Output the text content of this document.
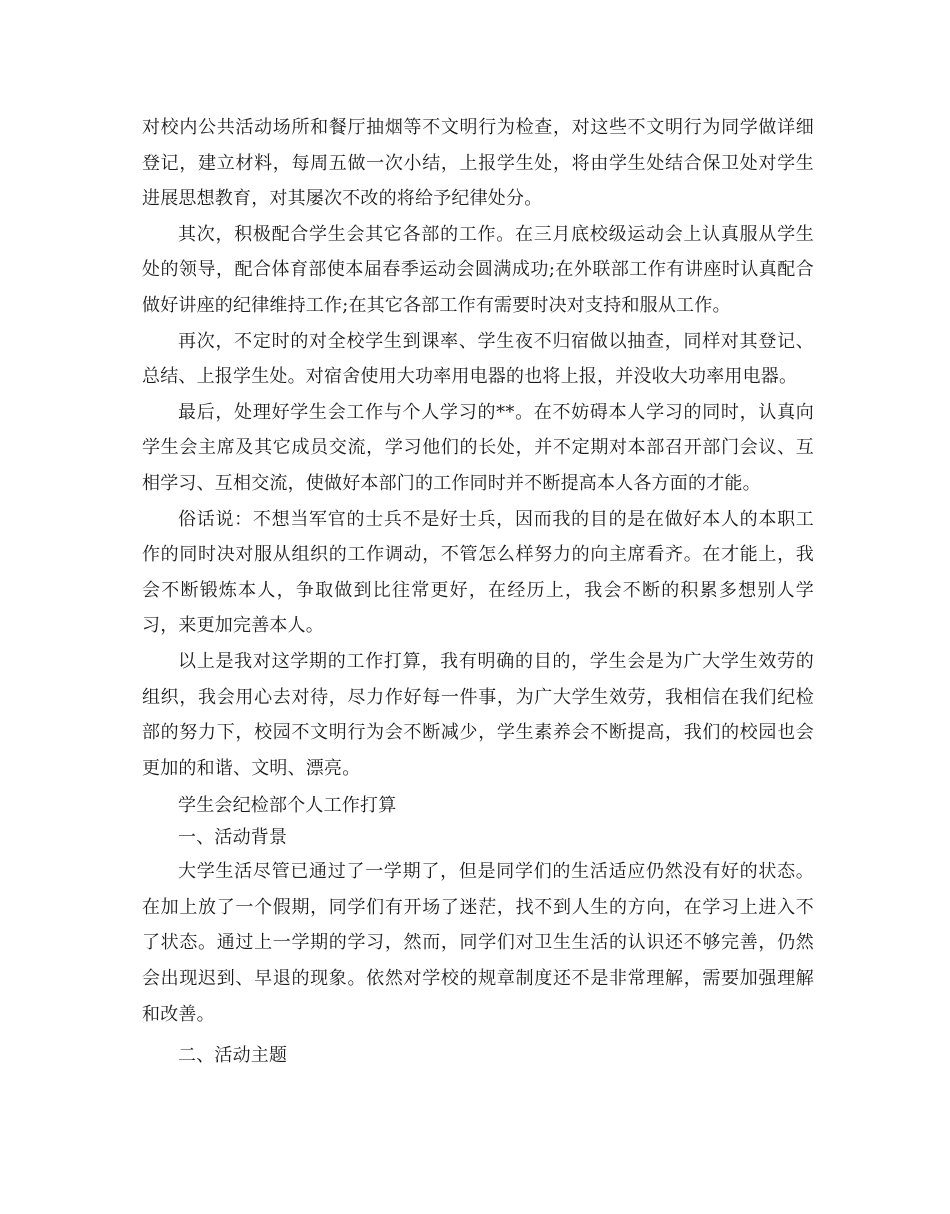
对校内公共活动场所和餐厅抽烟等不文明行为检查，对这些不文明行为同学做详细登记，建立材料，每周五做一次小结，上报学生处，将由学生处结合保卫处对学生进展思想教育，对其屡次不改的将给予纪律处分。

其次，积极配合学生会其它各部的工作。在三月底校级运动会上认真服从学生处的领导，配合体育部使本届春季运动会圆满成功;在外联部工作有讲座时认真配合做好讲座的纪律维持工作;在其它各部工作有需要时决对支持和服从工作。

再次，不定时的对全校学生到课率、学生夜不归宿做以抽查，同样对其登记、总结、上报学生处。对宿舍使用大功率用电器的也将上报，并没收大功率用电器。

最后，处理好学生会工作与个人学习的**。在不妨碍本人学习的同时，认真向学生会主席及其它成员交流，学习他们的长处，并不定期对本部召开部门会议、互相学习、互相交流，使做好本部门的工作同时并不断提高本人各方面的才能。

俗话说：不想当军官的士兵不是好士兵，因而我的目的是在做好本人的本职工作的同时决对服从组织的工作调动，不管怎么样努力的向主席看齐。在才能上，我会不断锻炼本人，争取做到比往常更好，在经历上，我会不断的积累多想别人学习，来更加完善本人。

以上是我对这学期的工作打算，我有明确的目的，学生会是为广大学生效劳的组织，我会用心去对待，尽力作好每一件事，为广大学生效劳，我相信在我们纪检部的努力下，校园不文明行为会不断减少，学生素养会不断提高，我们的校园也会更加的和谐、文明、漂亮。

学生会纪检部个人工作打算

一、活动背景

大学生活尽管已通过了一学期了，但是同学们的生活适应仍然没有好的状态。在加上放了一个假期，同学们有开场了迷茫，找不到人生的方向，在学习上进入不了状态。通过上一学期的学习，然而，同学们对卫生生活的认识还不够完善，仍然会出现迟到、早退的现象。依然对学校的规章制度还不是非常理解，需要加强理解和改善。

二、活动主题
